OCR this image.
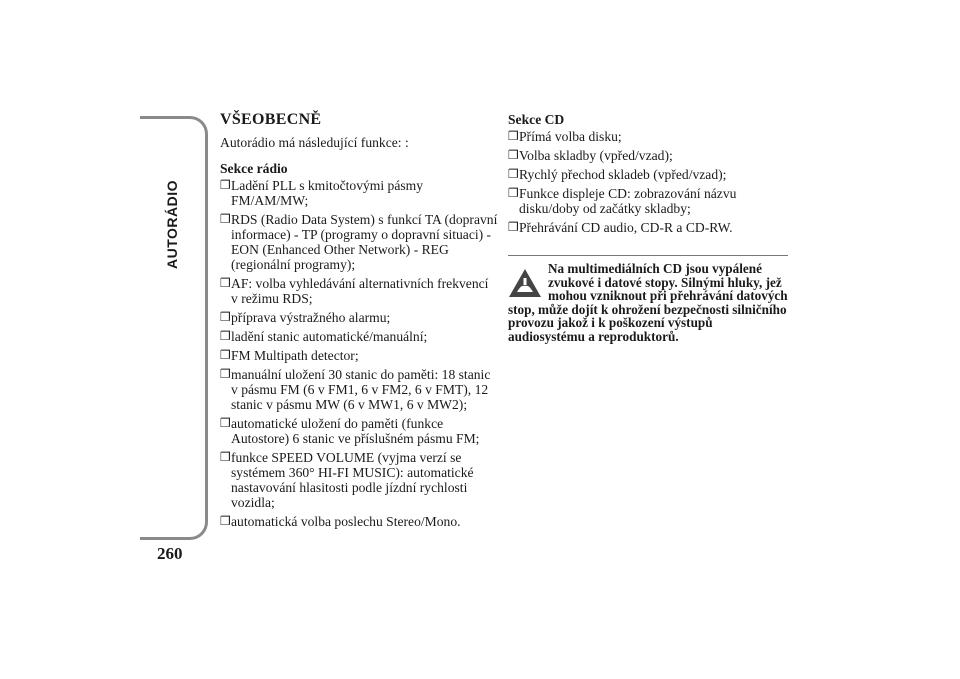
AUTORÁDIO
260
VŠEOBECNĚ

Autorádio má následující funkce: :

Sekce rádio
❒ Ladění PLL s kmitočtovými pásmy FM/AM/MW;
❒ RDS (Radio Data System) s funkcí TA (dopravní informace) - TP (programy o dopravní situaci) - EON (Enhanced Other Network) - REG (regionální programy);
❒ AF: volba vyhledávání alternativních frekvencí v režimu RDS;
❒ příprava výstražného alarmu;
❒ ladění stanic automatické/manuální;
❒ FM Multipath detector;
❒ manuální uložení 30 stanic do paměti: 18 stanic v pásmu FM (6 v FM1, 6 v FM2, 6 v FMT), 12 stanic v pásmu MW (6 v MW1, 6 v MW2);
❒ automatické uložení do paměti (funkce Autostore) 6 stanic ve příslušném pásmu FM;
❒ funkce SPEED VOLUME (vyjma verzí se systémem 360° HI-FI MUSIC): automatické nastavování hlasitosti podle jízdní rychlosti vozidla;
❒ automatická volba poslechu Stereo/Mono.
Sekce CD
❒ Přímá volba disku;
❒ Volba skladby (vpřed/vzad);
❒ Rychlý přechod skladeb (vpřed/vzad);
❒ Funkce displeje CD: zobrazování názvu disku/doby od začátky skladby;
❒ Přehrávání CD audio, CD-R a CD-RW.
Na multimediálních CD jsou vypálené zvukové i datové stopy. Silnými hluky, jež mohou vzniknout při přehrávání datových stop, může dojít k ohrožení bezpečnosti silničního provozu jakož i k poškození výstupů audiosystému a reproduktorů.
